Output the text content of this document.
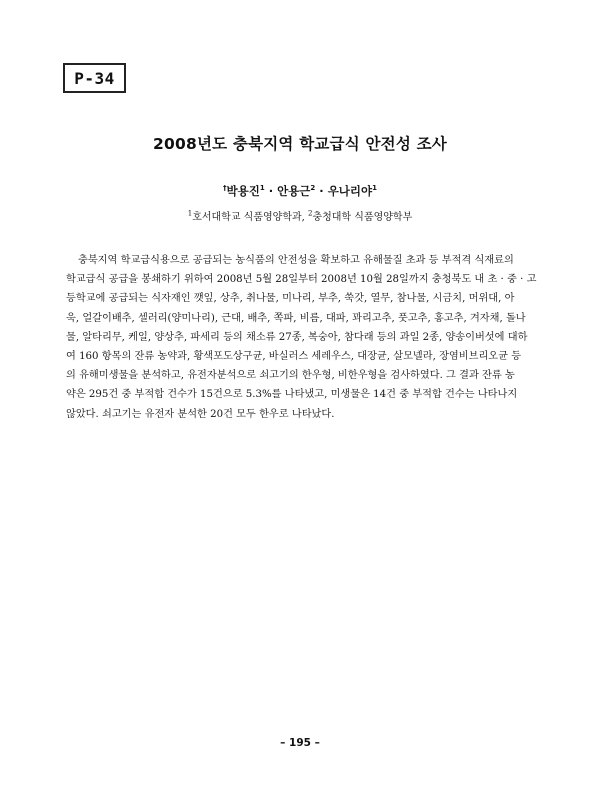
P-34
2008년도 충북지역 학교급식 안전성 조사
†박용진$^1$ · 안용근$^2$ · 우나리야$^1$
$^1$호서대학교 식품영양학과, $^2$충청대학 식품영양학부
충북지역 학교급식용으로 공급되는 농식품의 안전성을 확보하고 유해물질 초과 등 부적격 식재료의
학교급식 공급을 봉쇄하기 위하여 2008년 5월 28일부터 2008년 10월 28일까지 충청북도 내 초 · 중 · 고
등학교에 공급되는 식자재인 깻잎, 상추, 취나물, 미나리, 부추, 쑥갓, 열무, 참나물, 시금치, 머위대, 아
욱, 얼갈이배추, 셀러리(양미나리), 근대, 배추, 쪽파, 비름, 대파, 꽈리고추, 풋고추, 홍고추, 겨자채, 돌나
물, 알타리무, 케일, 양상추, 파세리 등의 채소류 27종, 복숭아, 참다래 등의 과일 2종, 양송이버섯에 대하
여 160 항목의 잔류 농약과, 황색포도상구균, 바실러스 세레우스, 대장균, 살모넬라, 장염비브리오균 등
의 유해미생물을 분석하고, 유전자분석으로 쇠고기의 한우형, 비한우형을 검사하였다. 그 결과 잔류 농
약은 295건 중 부적합 건수가 15건으로 5.3%를 나타냈고, 미생물은 14건 중 부적합 건수는 나타나지
않았다. 쇠고기는 유전자 분석한 20건 모두 한우로 나타났다.
– 195 –
